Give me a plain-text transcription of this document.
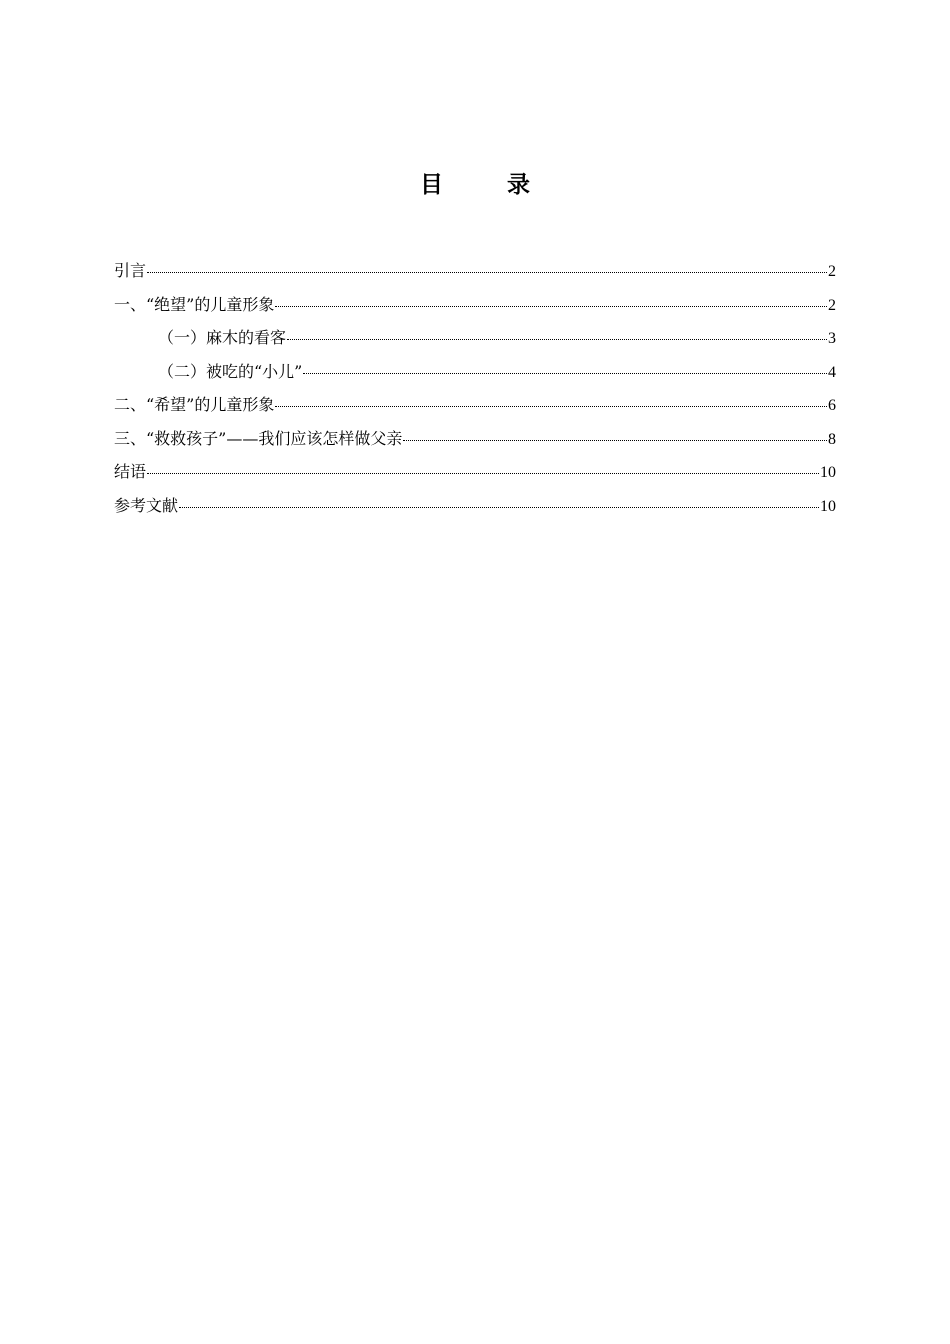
目 录
引言	2
一、“绝望”的儿童形象	2
（一）麻木的看客	3
（二）被吃的“小儿”	4
二、“希望”的儿童形象	6
三、“救救孩子”——我们应该怎样做父亲	8
结语	10
参考文献	10
